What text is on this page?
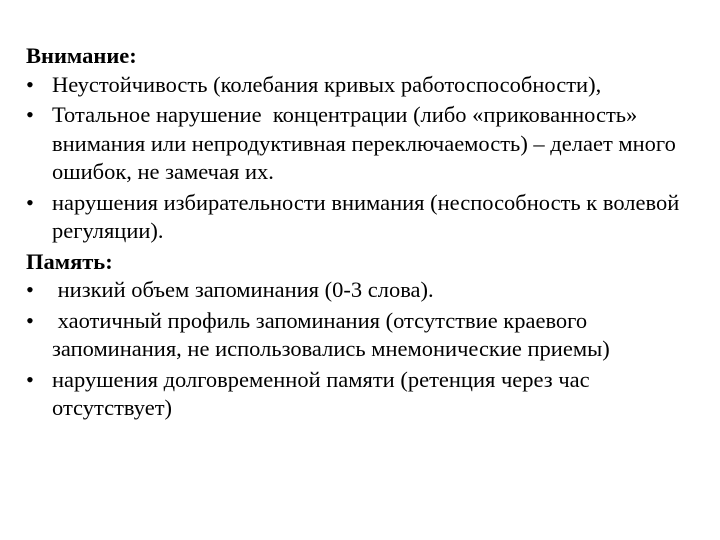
Внимание:
• Неустойчивость (колебания кривых работоспособности),
• Тотальное нарушение  концентрации (либо «прикованность» внимания или непродуктивная переключаемость) – делает много ошибок, не замечая их.
• нарушения избирательности внимания (неспособность к волевой регуляции).
Память:
• низкий объем запоминания (0-3 слова).
• хаотичный профиль запоминания (отсутствие краевого запоминания, не использовались мнемонические приемы)
• нарушения долговременной памяти (ретенция через час отсутствует)
